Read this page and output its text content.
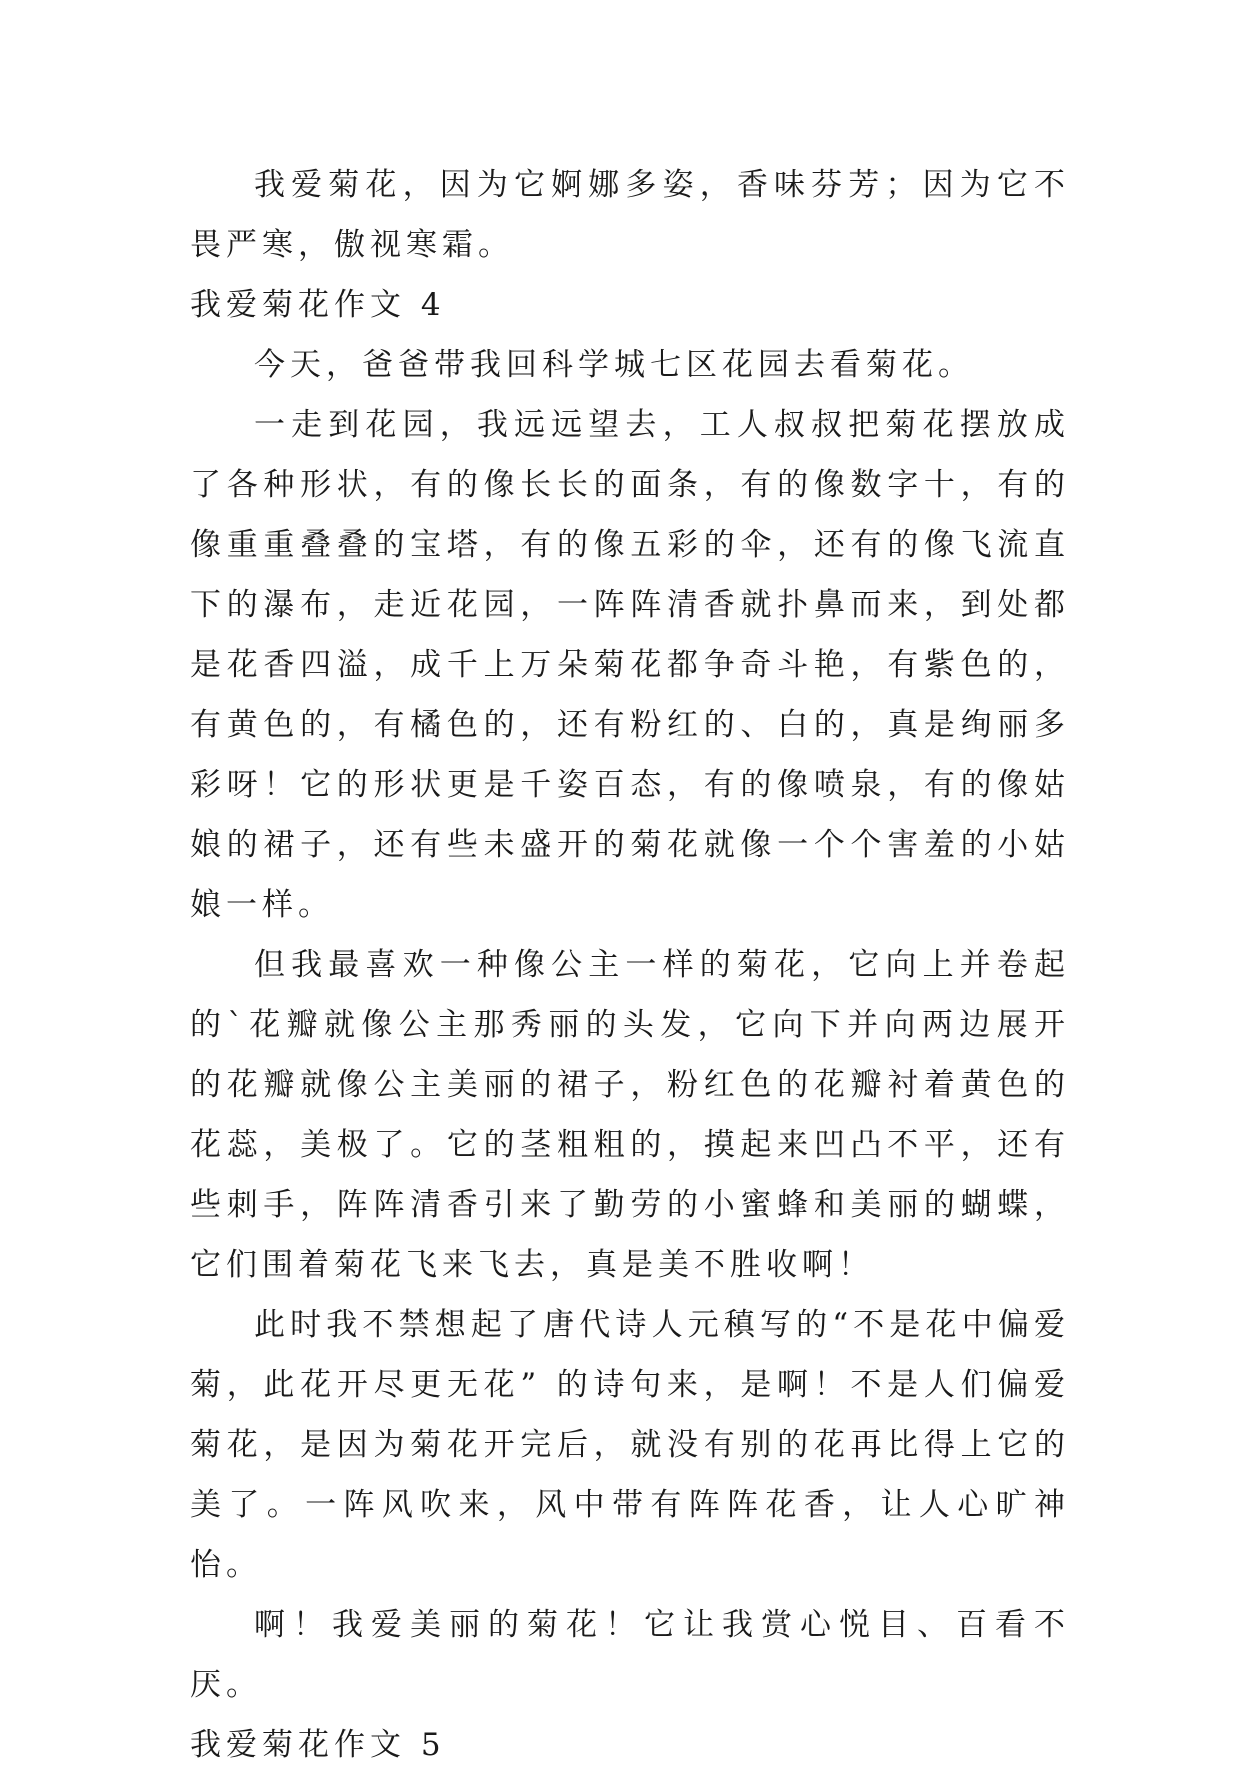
我爱菊花，因为它婀娜多姿，香味芬芳；因为它不畏严寒，傲视寒霜。

我爱菊花作文 4

今天，爸爸带我回科学城七区花园去看菊花。

一走到花园，我远远望去，工人叔叔把菊花摆放成了各种形状，有的像长长的面条，有的像数字十，有的像重重叠叠的宝塔，有的像五彩的伞，还有的像飞流直下的瀑布，走近花园，一阵阵清香就扑鼻而来，到处都是花香四溢，成千上万朵菊花都争奇斗艳，有紫色的，有黄色的，有橘色的，还有粉红的、白的，真是绚丽多彩呀！它的形状更是千姿百态，有的像喷泉，有的像姑娘的裙子，还有些未盛开的菊花就像一个个害羞的小姑娘一样。

但我最喜欢一种像公主一样的菊花，它向上并卷起的`花瓣就像公主那秀丽的头发，它向下并向两边展开的花瓣就像公主美丽的裙子，粉红色的花瓣衬着黄色的花蕊，美极了。它的茎粗粗的，摸起来凹凸不平，还有些刺手，阵阵清香引来了勤劳的小蜜蜂和美丽的蝴蝶，它们围着菊花飞来飞去，真是美不胜收啊！

此时我不禁想起了唐代诗人元稹写的“不是花中偏爱菊，此花开尽更无花” 的诗句来，是啊！不是人们偏爱菊花，是因为菊花开完后，就没有别的花再比得上它的美了。一阵风吹来，风中带有阵阵花香，让人心旷神怡。

啊！我爱美丽的菊花！它让我赏心悦目、百看不厌。

我爱菊花作文 5
